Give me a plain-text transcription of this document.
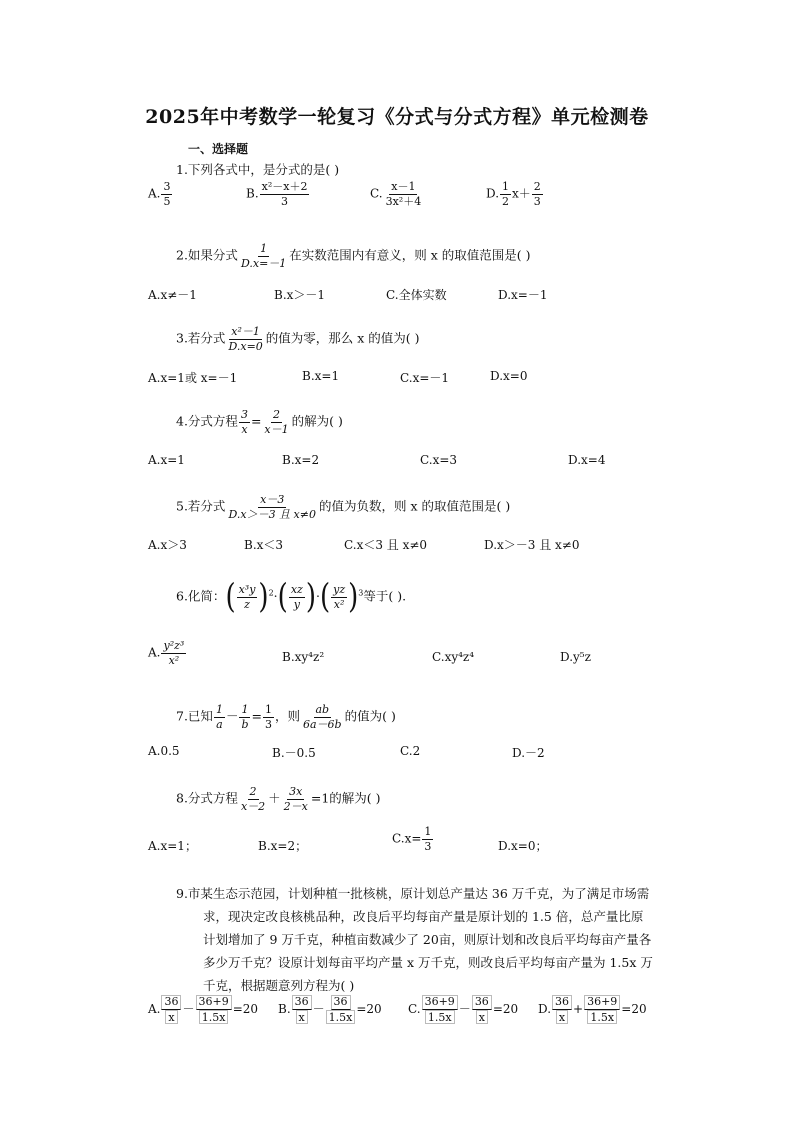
2025年中考数学一轮复习《分式与分式方程》单元检测卷
一、选择题
1.下列各式中，是分式的是( )
A. $\frac{3}{5}$	B. $\frac{\text{x²－x＋2}}{3}$	C. $\frac{x-1}{\text{3x²＋4}}$	D. $\frac{1}{2} x+ \frac{2}{3}$
2.如果分式 $\frac{1}{D.x=-1}$ 在实数范围内有意义，则 x 的取值范围是( )
A.x≠－1	B.x＞－1	C.全体实数	D.x=－1
3.若分式 $\frac{\text{x²－1}}{D.x=0}$ 的值为零，那么 x 的值为( )
A.x=1或 x=－1	B.x=1	C.x=－1	D.x=0
4.分式方程 $\frac{3}{x} = \frac{2}{x-1}$ 的解为( )
A.x=1	B.x=2	C.x=3	D.x=4
5.若分式 $\frac{x-3}{\text{D.x＞－3 且 x≠0}}$ 的值为负数，则 x 的取值范围是( )
A.x＞3	B.x＜3	C.x＜3 且 x≠0	D.x＞－3 且 x≠0
6.化简：( $\frac{\text{x³y}}{z} )^2\cdot( \frac{xz}{y}$ )·( $\frac{yz}{\text{x²}} )^3$等于( ).
A. $\frac{\text{y²z³}}{\text{x²}}$	B.xy⁴z²	C.xy⁴z⁴	D.y⁵z
7.已知 $\frac{1}{a} - \frac{1}{b} = \frac{1}{3}$ ，则 $\frac{ab}{6a-6b}$ 的值为( )
A.0.5	B.－0.5	C.2	D.－2
8.分式方程 $\frac{2}{x-2} + \frac{3x}{2-x} =1$的解为( )
A.x=1；	B.x=2；
$C.x= \frac{1}{3}$	D.x=0；
9.市某生态示范园，计划种植一批核桃，原计划总产量达 36 万千克，为了满足市场需
求，现决定改良核桃品种，改良后平均每亩产量是原计划的 1.5 倍，总产量比原
计划增加了 9 万千克，种植亩数减少了 20亩，则原计划和改良后平均每亩产量各
多少万千克？设原计划每亩平均产量 x 万千克，则改良后平均每亩产量为 1.5x 万
千克，根据题意列方程为( )
A. $\frac{36}{x} - \frac{36+9}{1.5x} =20$ B. $\frac{36}{x} - \frac{36}{1.5x} =20$ C. $\frac{36+9}{1.5x} - \frac{36}{x} =20$ D. $\frac{36}{x} + \frac{36+9}{1.5x} =20$
